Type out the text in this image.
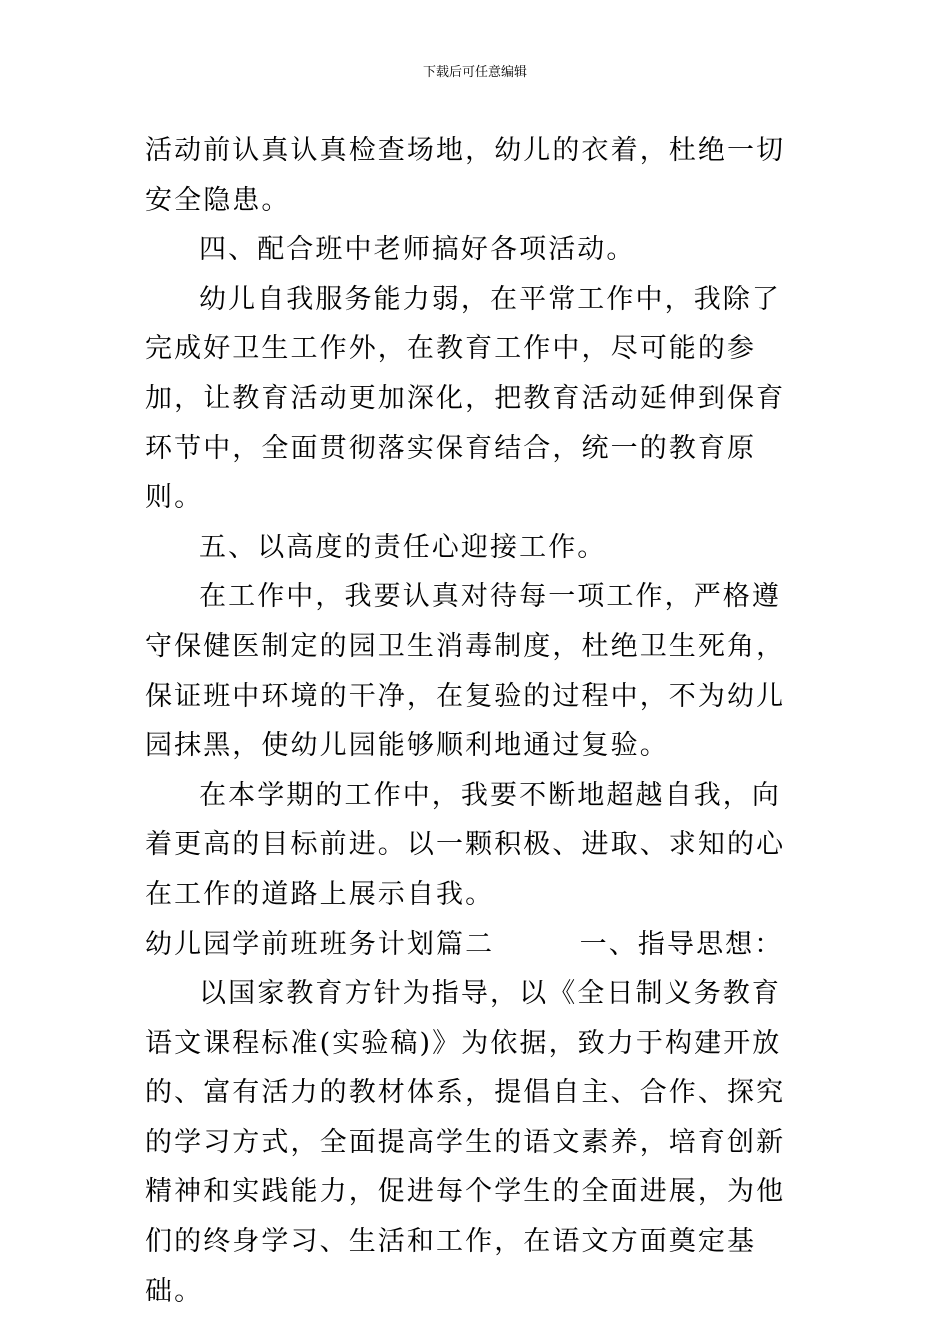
下载后可任意编辑

活动前认真认真检查场地，幼儿的衣着，杜绝一切安全隐患。

四、配合班中老师搞好各项活动。

幼儿自我服务能力弱，在平常工作中，我除了完成好卫生工作外，在教育工作中，尽可能的参加，让教育活动更加深化，把教育活动延伸到保育环节中，全面贯彻落实保育结合，统一的教育原则。

五、以高度的责任心迎接工作。

在工作中，我要认真对待每一项工作，严格遵守保健医制定的园卫生消毒制度，杜绝卫生死角，保证班中环境的干净，在复验的过程中，不为幼儿园抹黑，使幼儿园能够顺利地通过复验。

在本学期的工作中，我要不断地超越自我，向着更高的目标前进。以一颗积极、进取、求知的心在工作的道路上展示自我。

幼儿园学前班班务计划篇二	一、指导思想：

以国家教育方针为指导，以《全日制义务教育语文课程标准(实验稿)》为依据，致力于构建开放的、富有活力的教材体系，提倡自主、合作、探究的学习方式，全面提高学生的语文素养，培育创新精神和实践能力，促进每个学生的全面进展，为他们的终身学习、生活和工作，在语文方面奠定基础。
